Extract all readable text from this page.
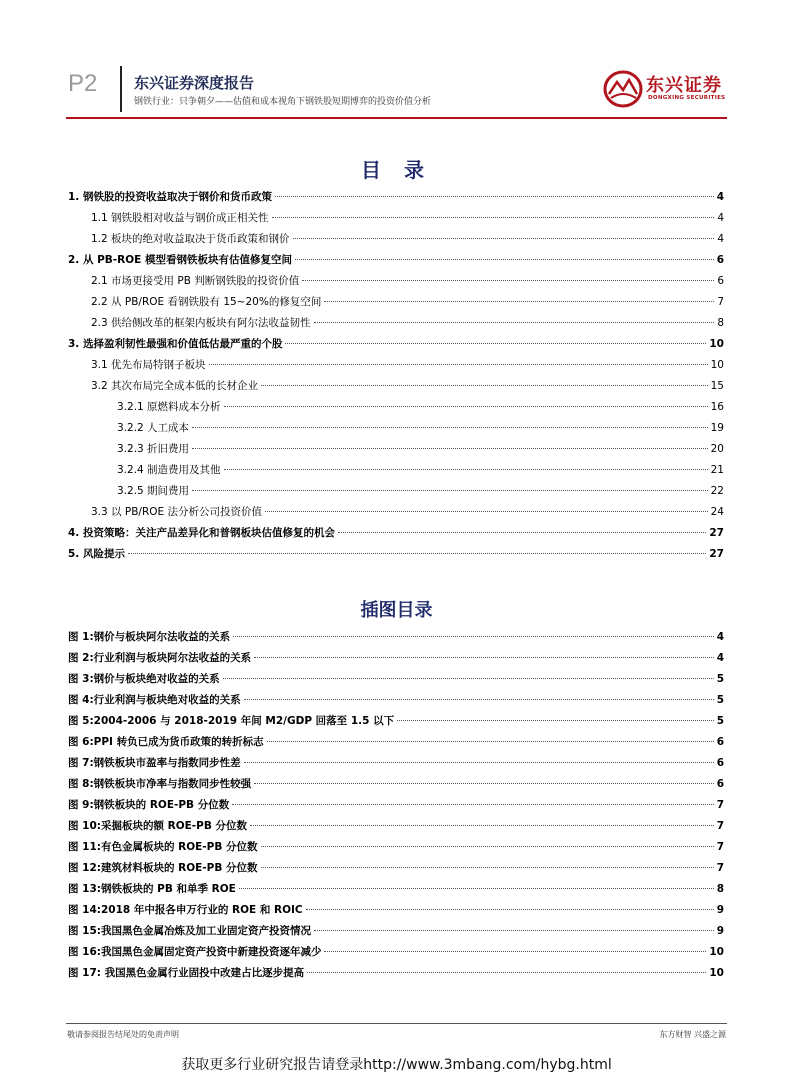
P2 东兴证券深度报告
钢铁行业：只争朝夕——估值和成本视角下钢铁股短期博弈的投资价值分析
东兴证券
DONGXING SECURITIES
目 录
1. 钢铁股的投资收益取决于钢价和货币政策	4
1.1 钢铁股相对收益与钢价成正相关性	4
1.2 板块的绝对收益取决于货币政策和钢价	4
2. 从 PB-ROE 模型看钢铁板块有估值修复空间	6
2.1 市场更接受用 PB 判断钢铁股的投资价值	6
2.2 从 PB/ROE 看钢铁股有 15~20%的修复空间	7
2.3 供给侧改革的框架内板块有阿尔法收益韧性	8
3. 选择盈利韧性最强和价值低估最严重的个股	10
3.1 优先布局特钢子板块	10
3.2 其次布局完全成本低的长材企业	15
3.2.1 原燃料成本分析	16
3.2.2 人工成本	19
3.2.3 折旧费用	20
3.2.4 制造费用及其他	21
3.2.5 期间费用	22
3.3 以 PB/ROE 法分析公司投资价值	24
4. 投资策略：关注产品差异化和普钢板块估值修复的机会	27
5. 风险提示	27
插图目录
图 1:钢价与板块阿尔法收益的关系	4
图 2:行业利润与板块阿尔法收益的关系	4
图 3:钢价与板块绝对收益的关系	5
图 4:行业利润与板块绝对收益的关系	5
图 5:2004-2006 与 2018-2019 年间 M2/GDP 回落至 1.5 以下	5
图 6:PPI 转负已成为货币政策的转折标志	6
图 7:钢铁板块市盈率与指数同步性差	6
图 8:钢铁板块市净率与指数同步性较强	6
图 9:钢铁板块的 ROE-PB 分位数	7
图 10:采掘板块的额 ROE-PB 分位数	7
图 11:有色金属板块的 ROE-PB 分位数	7
图 12:建筑材料板块的 ROE-PB 分位数	7
图 13:钢铁板块的 PB 和单季 ROE	8
图 14:2018 年中报各申万行业的 ROE 和 ROIC	9
图 15:我国黑色金属冶炼及加工业固定资产投资情况	9
图 16:我国黑色金属固定资产投资中新建投资逐年减少	10
图 17: 我国黑色金属行业固投中改建占比逐步提高	10
敬请参阅报告结尾处的免责声明	东方财智 兴盛之源
获取更多行业研究报告请登录http://www.3mbang.com/hybg.html
